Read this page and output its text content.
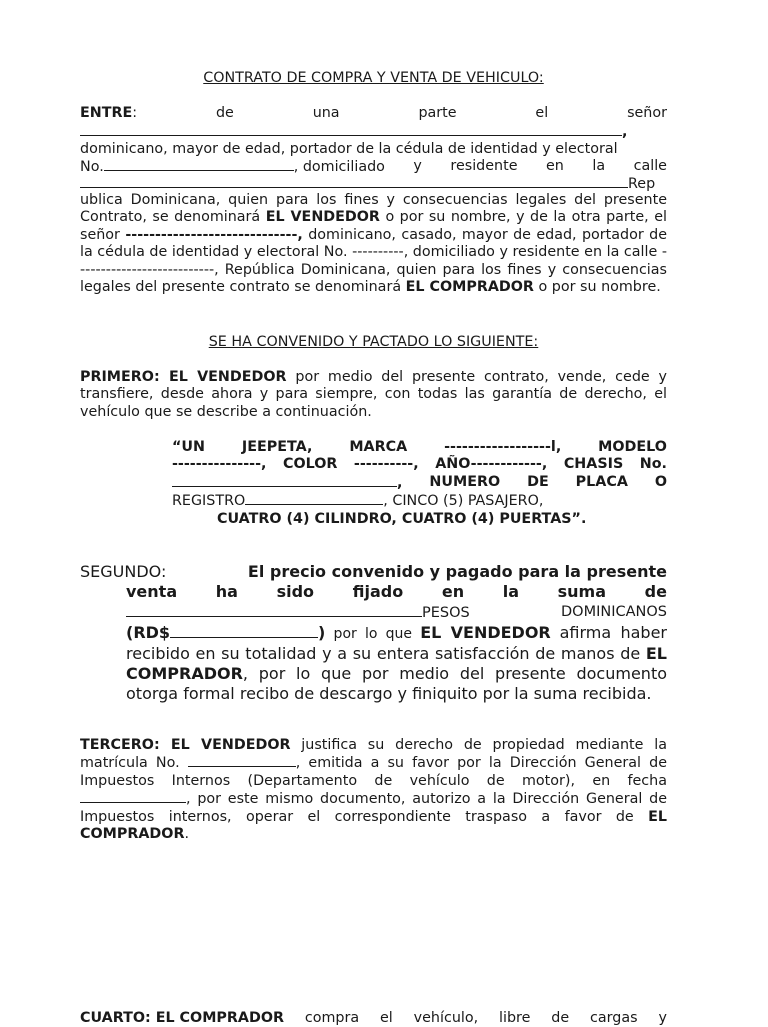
CONTRATO DE COMPRA Y VENTA DE VEHICULO:
ENTRE:	de	una	parte	el	señor
,
dominicano, mayor de edad, portador de la cédula de identidad y electoral
No.	, domiciliado y residente en la calle
Rep
ublica Dominicana, quien para los fines y consecuencias legales del presente Contrato, se denominará EL VENDEDOR o por su nombre, y de la otra parte, el señor -----------------------------, dominicano, casado, mayor de edad, portador de la cédula de identidad y electoral No. ----------, domiciliado y residente en la calle ---------------------------, República Dominicana, quien para los fines y consecuencias legales del presente contrato se denominará EL COMPRADOR o por su nombre.
SE HA CONVENIDO Y PACTADO LO SIGUIENTE:
PRIMERO: EL VENDEDOR por medio del presente contrato, vende, cede y transfiere, desde ahora y para siempre, con todas las garantía de derecho, el vehículo que se describe a continuación.
“UN	JEEPETA,	MARCA	------------------l,	MODELO
---------------, COLOR ----------, AÑO------------, CHASIS No.
, NUMERO DE PLACA O
REGISTRO	, CINCO (5) PASAJERO,
CUATRO (4) CILINDRO, CUATRO (4) PUERTAS”.
SEGUNDO:	El precio convenido y pagado para la presente
venta ha sido fijado en la suma de
PESOS	DOMINICANOS
(RD$	) por lo que EL VENDEDOR afirma haber recibido en su totalidad y a su entera satisfacción de manos de EL COMPRADOR, por lo que por medio del presente documento otorga formal recibo de descargo y finiquito por la suma recibida.
TERCERO: EL VENDEDOR justifica su derecho de propiedad mediante la matrícula No.	, emitida a su favor por la Dirección General de Impuestos Internos (Departamento de vehículo de motor), en fecha , por este mismo documento, autorizo a la Dirección General de Impuestos internos, operar el correspondiente traspaso a favor de EL COMPRADOR.
CUARTO: EL COMPRADOR compra el vehículo, libre de cargas y
